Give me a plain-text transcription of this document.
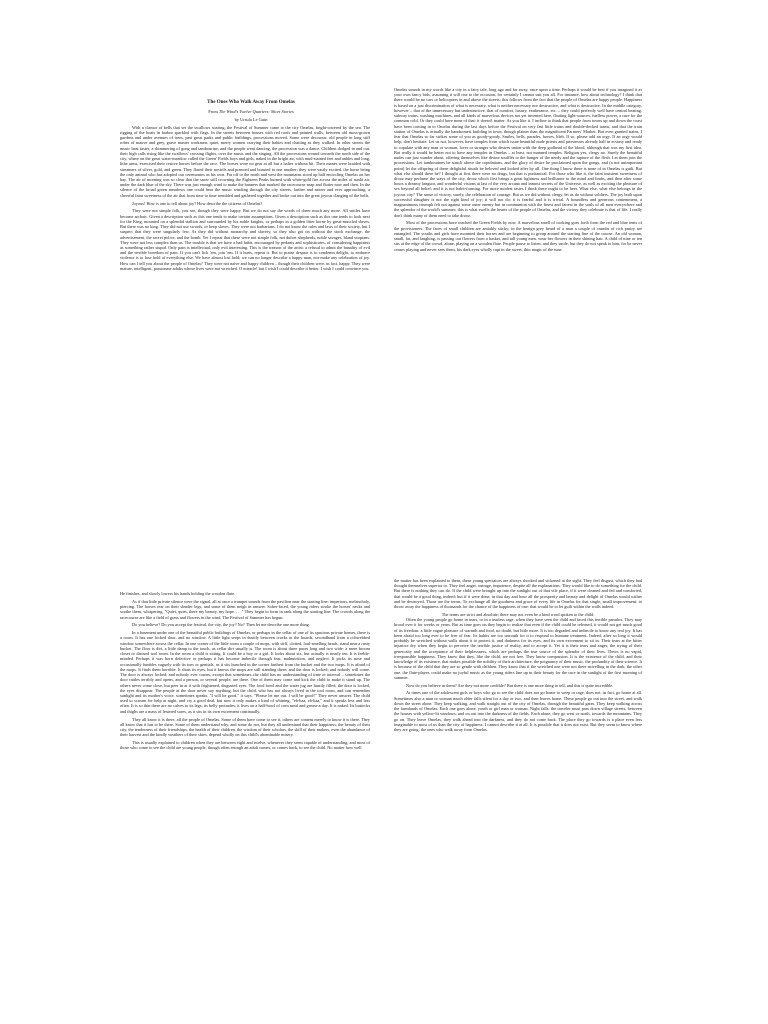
The Ones Who Walk Away From Omelas

From The Wind's Twelve Quarters: Short Stories

by Ursula Le Guin

With a clamor of bells that set the swallows soaring, the Festival of Summer came to the city Omelas, bright-towered by the sea. The rigging of the boats in harbor sparkled with flags. In the streets between houses with red roofs and painted walls, between old moss-grown gardens and under avenues of trees, past great parks and public buildings, processions moved. Some were decorous: old people in long stiff robes of mauve and grey, grave master workmen, quiet, merry women carrying their babies and chatting as they walked. In other streets the music beat faster, a shimmering of gong and tambourine, and the people went dancing, the procession was a dance. Children dodged in and out, their high calls rising like the swallows' crossing flights, over the music and the singing. All the processions wound towards the north side of the city, where on the great water-meadow called the Green' Fields boys and girls, naked in the bright air, with mud-stained feet and ankles and long, lithe arms, exercised their restive horses before the race. The horses wore no gear at all but a halter without bit. Their manes were braided with streamers of silver, gold, and green. They flared their nostrils and pranced and boasted to one another; they were vastly excited, the horse being the only animal who has adopted our ceremonies as his own. Far off to the north and west the mountains stood up half encircling Omelas on her bay. The air of morning was so clear that the snow still crowning the Eighteen Peaks burned with white-gold fire across the miles of sunlit air, under the dark blue of the sky. There was just enough wind to make the banners that marked the racecourse snap and flutter now and then. In the silence of the broad green meadows one could hear the music winding through the city streets, farther and nearer and ever approaching, a cheerful faint sweetness of the air that from time to time trembled and gathered together and broke out into the great joyous clanging of the bells.

Joyous! How is one to tell about joy? How describe the citizens of Omelas?

They were not simple folk, you see, though they were happy. But we do not say the words of cheer much any more. All smiles have become archaic. Given a description such as this one tends to make certain assumptions. Given a description such as this one tends to look next for the King, mounted on a splendid stallion and surrounded by his noble knights, or perhaps in a golden litter borne by great-muscled slaves. But there was no king. They did not use swords, or keep slaves. They were not barbarians. I do not know the rules and laws of their society, but I suspect that they were singularly few. As they did without monarchy and slavery, so they also got on without the stock exchange, the advertisement, the secret police, and the bomb. Yet I repeat that these were not simple folk, not dulcet shepherds, noble savages, bland utopians. They were not less complex than us. The trouble is that we have a bad habit, encouraged by pedants and sophisticates, of considering happiness as something rather stupid. Only pain is intellectual, only evil interesting. This is the treason of the artist: a refusal to admit the banality of evil and the terrible boredom of pain. If you can't lick 'em, join 'em. If it hurts, repeat it. But to praise despair is to condemn delight, to embrace violence is to lose hold of everything else. We have almost lost hold; we can no longer describe a happy man, nor make any celebration of joy. How can I tell you about the people of Omelas? They were not naive and happy children – though their children were, in fact, happy. They were mature, intelligent, passionate adults whose lives were not wretched. O miracle! but I wish I could describe it better. I wish I could convince you.

Omelas sounds in my words like a city in a fairy tale, long ago and far away, once upon a time. Perhaps it would be best if you imagined it as your own fancy bids, assuming it will rise to the occasion, for certainly I cannot suit you all. For instance, how about technology? I think that there would be no cars or helicopters in and above the streets; this follows from the fact that the people of Omelas are happy people. Happiness is based on a just discrimination of what is necessary, what is neither necessary nor destructive, and what is destructive. In the middle category, however – that of the unnecessary but undestructive, that of comfort, luxury, exuberance, etc. – they could perfectly well have central heating, subway trains, washing machines, and all kinds of marvelous devices not yet invented here, floating light-sources, fuelless power, a cure for the common cold. Or they could have none of that: it doesn't matter. As you like it. I incline to think that people from towns up and down the coast have been coming in to Omelas during the last days before the Festival on very fast little trains and double-decked trams, and that the train station of Omelas is actually the handsomest building in town, though plainer than the magnificent Farmers' Market. But even granted trains, I fear that Omelas so far strikes some of you as goody-goody. Smiles, bells, parades, horses, bleh. If so, please add an orgy. If an orgy would help, don't hesitate. Let us not, however, have temples from which issue beautiful nude priests and priestesses already half in ecstasy and ready to copulate with any man or woman, lover or stranger who desires union with the deep godhead of the blood, although that was my first idea. But really it would be better not to have any temples in Omelas – at least, not manned temples. Religion yes, clergy no. Surely the beautiful nudes can just wander about, offering themselves like divine soufflés to the hunger of the needy and the rapture of the flesh. Let them join the processions. Let tambourines be struck above the copulations, and the glory of desire be proclaimed upon the gongs, and (a not unimportant point) let the offspring of these delightful rituals be beloved and looked after by all. One thing I know there is none of in Omelas is guilt. But what else should there be? I thought at first there were no drugs, but that is puritanical. For those who like it, the faint insistent sweetness of drooz may perfume the ways of the city, drooz which first brings a great lightness and brilliance to the mind and limbs, and then after some hours a dreamy languor, and wonderful visions at last of the very arcana and inmost secrets of the Universe, as well as exciting the pleasure of sex beyond all belief; and it is not habit-forming. For more modest tastes I think there ought to be beer. What else, what else belongs in the joyous city? The sense of victory, surely, the celebration of courage. But as we did without clergy, let us do without soldiers. The joy built upon successful slaughter is not the right kind of joy; it will not do; it is fearful and it is trivial. A boundless and generous contentment, a magnanimous triumph felt not against some outer enemy but in communion with the finest and fairest in the souls of all men everywhere and the splendor of the world's summer; this is what swells the hearts of the people of Omelas, and the victory they celebrate is that of life. I really don't think many of them need to take drooz.

Most of the processions have reached the Green Fields by now. A marvelous smell of cooking goes forth from the red and blue tents of the provisioners. The faces of small children are amiably sticky; in the benign grey beard of a man a couple of crumbs of rich pastry are entangled. The youths and girls have mounted their horses and are beginning to group around the starting line of the course. An old woman, small, fat, and laughing, is passing out flowers from a basket, and tall young men, wear her flowers in their shining hair. A child of nine or ten sits at the edge of the crowd, alone, playing on a wooden flute. People pause to listen, and they smile, but they do not speak to him, for he never ceases playing and never sees them, his dark eyes wholly rapt in the sweet, thin magic of the tune.

He finishes, and slowly lowers his hands holding the wooden flute.

As if that little private silence were the signal, all at once a trumpet sounds from the pavilion near the starting line: imperious, melancholy, piercing. The horses rear on their slender legs, and some of them neigh in answer. Sober-faced, the young riders stroke the horses' necks and soothe them, whispering, "Quiet, quiet, there my beauty, my hope. . . ." They begin to form in rank along the starting line. The crowds along the racecourse are like a field of grass and flowers in the wind. The Festival of Summer has begun.

Do you believe? Do you accept the festival, the city, the joy? No? Then let me describe one more thing.

In a basement under one of the beautiful public buildings of Omelas, or perhaps in the cellar of one of its spacious private homes, there is a room. It has one locked door, and no window. A little light seeps in dustily between cracks in the boards, secondhand from a cobwebbed window somewhere across the cellar. In one corner of the little room a couple of mops, with stiff, clotted, foul-smelling heads, stand near a rusty bucket. The floor is dirt, a little damp to the touch, as cellar dirt usually is. The room is about three paces long and two wide: a mere broom closet or disused tool room. In the room a child is sitting. It could be a boy or a girl. It looks about six, but actually is nearly ten. It is feeble-minded. Perhaps it was born defective or perhaps it has become imbecile through fear, malnutrition, and neglect. It picks its nose and occasionally fumbles vaguely with its toes or genitals, as it sits hunched in the corner farthest from the bucket and the two mops. It is afraid of the mops. It finds them horrible. It shuts its eyes, but it knows the mops are still standing there; and the door is locked; and nobody will come. The door is always locked; and nobody ever comes, except that sometimes–the child has no understanding of time or interval – sometimes the door rattles terribly and opens, and a person, or several people, are there. One of them may come and kick the child to make it stand up. The others never come close, but peer in at it with frightened, disgusted eyes. The food bowl and the water jug are hastily filled, the door is locked, the eyes disappear. The people at the door never say anything, but the child, who has not always lived in the tool room, and can remember sunlight and its mother's voice, sometimes speaks. "I will be good," it says. "Please let me out. I will be good!" They never answer. The child used to scream for help at night, and cry a good deal, but now it only makes a kind of whining, "eh-haa, eh-haa," and it speaks less and less often. It is so thin there are no calves to its legs; its belly protrudes; it lives on a half-bowl of corn meal and grease a day. It is naked. Its buttocks and thighs are a mass of festered sores, as it sits in its own excrement continually.

They all know it is there, all the people of Omelas. Some of them have come to see it, others are content merely to know it is there. They all know that it has to be there. Some of them understand why, and some do not, but they all understand that their happiness, the beauty of their city, the tenderness of their friendships, the health of their children, the wisdom of their scholars, the skill of their makers, even the abundance of their harvest and the kindly weathers of their skies, depend wholly on this child's abominable misery.

This is usually explained to children when they are between eight and twelve, whenever they seem capable of understanding; and most of those who come to see the child are young people, though often enough an adult comes, or comes back, to see the child. No matter how well

the matter has been explained to them, these young spectators are always shocked and sickened at the sight. They feel disgust, which they had thought themselves superior to. They feel anger, outrage, impotence, despite all the explanations. They would like to do something for the child. But there is nothing they can do. If the child were brought up into the sunlight out of that vile place, if it were cleaned and fed and comforted, that would be a good thing, indeed; but if it were done, in that day and hour all the prosperity and beauty and delight of Omelas would wither and be destroyed. Those are the terms. To exchange all the goodness and grace of every life in Omelas for that single, small improvement: to throw away the happiness of thousands for the chance of the happiness of one: that would be to let guilt within the walls indeed.

The terms are strict and absolute; there may not even be a kind word spoken to the child.

Often the young people go home in tears, or in a tearless rage, when they have seen the child and faced this terrible paradox. They may brood over it for weeks or years. But as time goes on they begin to realize that even if the child could be released, it would not get much good of its freedom: a little vague pleasure of warmth and food, no doubt, but little more. It is too degraded and imbecile to know any real joy. It has been afraid too long ever to be free of fear. Its habits are too uncouth for it to respond to humane treatment. Indeed, after so long it would probably be wretched without walls about it to protect it, and darkness for its eyes, and its own excrement to sit in. Their tears at the bitter injustice dry when they begin to perceive the terrible justice of reality, and to accept it. Yet it is their tears and anger, the trying of their generosity and the acceptance of their helplessness, which are perhaps the true source of the splendor of their lives. Theirs is no vapid, irresponsible happiness. They know that they, like the child, are not free. They know compassion. It is the existence of the child, and their knowledge of its existence, that makes possible the nobility of their architecture, the poignancy of their music, the profundity of their science. It is because of the child that they are so gentle with children. They know that if the wretched one were not there snivelling in the dark, the other one, the flute-player, could make no joyful music as the young riders line up in their beauty for the race in the sunlight of the first morning of summer.

Now do you believe in them? Are they not more credible? But there is one more thing to tell, and this is quite incredible.

At times one of the adolescent girls or boys who go to see the child does not go home to weep or rage, does not, in fact, go home at all. Sometimes also a man or woman much older falls silent for a day or two, and then leaves home. These people go out into the street, and walk down the street alone. They keep walking, and walk straight out of the city of Omelas, through the beautiful gates. They keep walking across the farmlands of Omelas. Each one goes alone, youth or girl man or woman. Night falls; the traveler must pass down village streets, between the houses with yellow-lit windows, and on out into the darkness of the fields. Each alone, they go west or north, towards the mountains. They go on. They leave Omelas, they walk ahead into the darkness, and they do not come back. The place they go towards is a place even less imaginable to most of us than the city of happiness. I cannot describe it at all. It is possible that it does not exist. But they seem to know where they are going, the ones who walk away from Omelas.
